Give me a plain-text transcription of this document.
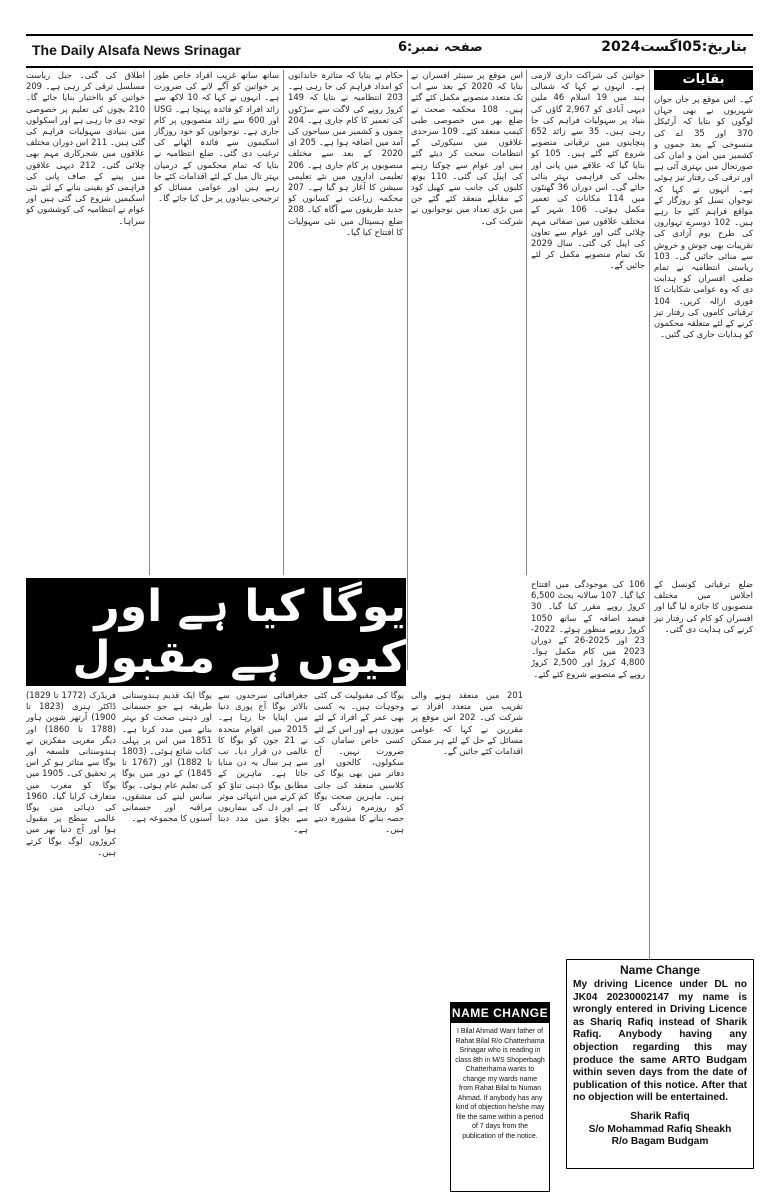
The Daily Alsafa News Srinagar	صفحہ نمبر:6	بتاریخ:05اگست2024
بقایات
کے۔ اس موقع پر جان جوان شہریوں نے بھی جہاں لوگوں کو بتایا کہ آرٹیکل 370 اور 35 اے کی منسوخی کے بعد جموں و کشمیر میں امن و امان کی صورتحال میں بہتری آئی ہے اور ترقی کی رفتار تیز ہوئی ہے۔ انہوں نے کہا کہ نوجوان نسل کو روزگار کے مواقع فراہم کئے جا رہے ہیں۔ 102 دوسرے تہواروں کی طرح یوم آزادی کی تقریبات بھی جوش و خروش سے منائی جائیں گی۔ 103 ریاستی انتظامیہ نے تمام ضلعی افسران کو ہدایت دی کہ وہ عوامی شکایات کا فوری ازالہ کریں۔ 104 ترقیاتی کاموں کی رفتار تیز کرنے کے لئے متعلقہ محکموں کو ہدایات جاری کی گئیں۔
خواتین کی شراکت داری لازمی ہے۔ انہوں نے کہا کہ شمالی ہند میں 19 اسلام 46 ملین دیہی آبادی کو 2,967 گاؤں کی بنیاد پر سہولیات فراہم کی جا رہی ہیں۔ 35 سے زائد 652 پنچایتوں میں ترقیاتی منصوبے شروع کئے گئے ہیں۔ 105 کو بتایا گیا کہ علاقے میں پانی اور بجلی کی فراہمی بہتر بنائی جائے گی۔ اس دوران 36 گھنٹوں میں 114 مکانات کی تعمیر مکمل ہوئی۔ 106 شہر کے مختلف علاقوں میں صفائی مہم چلائی گئی اور عوام سے تعاون کی اپیل کی گئی۔ سال 2029 تک تمام منصوبے مکمل کر لئے جائیں گے۔
اس موقع پر سینئر افسران نے بتایا کہ 2020 کے بعد سے اب تک متعدد منصوبے مکمل کئے گئے ہیں۔ 108 محکمہ صحت نے ضلع بھر میں خصوصی طبی کیمپ منعقد کئے۔ 109 سرحدی علاقوں میں سیکورٹی کے انتظامات سخت کر دیئے گئے ہیں اور عوام سے چوکنا رہنے کی اپیل کی گئی۔ 110 یوتھ کلبوں کی جانب سے کھیل کود کے مقابلے منعقد کئے گئے جن میں بڑی تعداد میں نوجوانوں نے شرکت کی۔
حکام نے بتایا کہ متاثرہ خاندانوں کو امداد فراہم کی جا رہی ہے۔ 203 انتظامیہ نے بتایا کہ 149 کروڑ روپے کی لاگت سے سڑکوں کی تعمیر کا کام جاری ہے۔ 204 جموں و کشمیر میں سیاحوں کی آمد میں اضافہ ہوا ہے۔ 205 ای 2020 کے بعد سے مختلف منصوبوں پر کام جاری ہے۔ 206 تعلیمی اداروں میں نئے تعلیمی سیشن کا آغاز ہو گیا ہے۔ 207 محکمہ زراعت نے کسانوں کو جدید طریقوں سے آگاہ کیا۔ 208 ضلع ہسپتال میں نئی سہولیات کا افتتاح کیا گیا۔
ساتھ ساتھ غریب افراد خاص طور پر خواتین کو آگے لانے کی ضرورت ہے۔ انہوں نے کہا کہ 10 لاکھ سے زائد افراد کو فائدہ پہنچا ہے۔ USG اور 600 سے زائد منصوبوں پر کام جاری ہے۔ نوجوانوں کو خود روزگار اسکیموں سے فائدہ اٹھانے کی ترغیب دی گئی۔ ضلع انتظامیہ نے بتایا کہ تمام محکموں کے درمیان بہتر تال میل کے لئے اقدامات کئے جا رہے ہیں اور عوامی مسائل کو ترجیحی بنیادوں پر حل کیا جائے گا۔
اطلاق کی گئی۔ جبل ریاست مسلسل ترقی کر رہی ہے۔ 209 خواتین کو بااختیار بنایا جائے گا۔ 210 بچوں کی تعلیم پر خصوصی توجہ دی جا رہی ہے اور اسکولوں میں بنیادی سہولیات فراہم کی گئی ہیں۔ 211 اس دوران مختلف علاقوں میں شجرکاری مہم بھی چلائی گئی۔ 212 دیہی علاقوں میں پینے کے صاف پانی کی فراہمی کو یقینی بنانے کے لئے نئی اسکیمیں شروع کی گئی ہیں اور عوام نے انتظامیہ کی کوششوں کو سراہا۔
یوگا کیا ہے اور کیوں ہے مقبول
فریڈرک (1772 تا 1829) ڈاکٹر ہنری (1823 تا 1900) آرتھر شوپن ہاور (1788 تا 1860) اور دیگر مغربی مفکرین نے ہندوستانی فلسفہ اور یوگا سے متاثر ہو کر اس پر تحقیق کی۔ 1905 میں یوگا کو مغرب میں متعارف کرایا گیا۔ 1960 کی دہائی میں یوگا عالمی سطح پر مقبول ہوا اور آج دنیا بھر میں کروڑوں لوگ یوگا کرتے ہیں۔
یوگا ایک قدیم ہندوستانی طریقہ ہے جو جسمانی اور ذہنی صحت کو بہتر بنانے میں مدد کرتا ہے۔ 1851 میں اس پر پہلی کتاب شائع ہوئی۔ (1803 تا 1882) اور (1767 تا 1845) کے دور میں یوگا کی تعلیم عام ہوئی۔ یوگا سانس لینے کی مشقوں، مراقبہ اور جسمانی آسنوں کا مجموعہ ہے۔
جغرافیائی سرحدوں سے بالاتر یوگا آج پوری دنیا میں اپنایا جا رہا ہے۔ 2015 میں اقوام متحدہ نے 21 جون کو یوگا کا عالمی دن قرار دیا۔ تب سے ہر سال یہ دن منایا جاتا ہے۔ ماہرین کے مطابق یوگا ذہنی تناؤ کو کم کرنے میں انتہائی موثر ہے اور دل کی بیماریوں سے بچاؤ میں مدد دیتا ہے۔
یوگا کی مقبولیت کی کئی وجوہات ہیں۔ یہ کسی بھی عمر کے افراد کے لئے موزوں ہے اور اس کے لئے کسی خاص سامان کی ضرورت نہیں۔ آج سکولوں، کالجوں اور دفاتر میں بھی یوگا کی کلاسیں منعقد کی جاتی ہیں۔ ماہرین صحت یوگا کو روزمرہ زندگی کا حصہ بنانے کا مشورہ دیتے ہیں۔
201 میں منعقد ہونے والی تقریب میں متعدد افراد نے شرکت کی۔ 202 اس موقع پر مقررین نے کہا کہ عوامی مسائل کے حل کے لئے ہر ممکن اقدامات کئے جائیں گے۔
106 کی موجودگی میں افتتاح کیا گیا۔ 107 سالانہ بجٹ 6,500 کروڑ روپے مقرر کیا گیا۔ 30 فیصد اضافہ کے ساتھ 1050 کروڑ روپے منظور ہوئے۔ 2022-23 اور 2025-26 کے دوران 2023 میں کام مکمل ہوا۔ 4,800 کروڑ اور 2,500 کروڑ روپے کے منصوبے شروع کئے گئے۔
ضلع ترقیاتی کونسل کے اجلاس میں مختلف منصوبوں کا جائزہ لیا گیا اور افسران کو کام کی رفتار تیز کرنے کی ہدایت دی گئی۔
NAME CHANGE
I Bilal Ahmad Wani father of Rahat Bilal R/o Chatterhama Srinagar who is reading in class 8th in M/S Shoperbagh Chatterhama wants to change my wards name from Rahat Bilal to Numan Ahmad. If anybody has any kind of objection he/she may file the same within a period of 7 days from the publication of the notice.
Name Change
My driving Licence under DL no JK04 20230002147 my name is wrongly entered in Driving Licence as Shariq Rafiq instead of Sharik Rafiq. Anybody having any objection regarding this may produce the same ARTO Budgam within seven days from the date of publication of this notice. After that no objection will be entertained.
Sharik Rafiq
S/o Mohammad Rafiq Sheakh
R/o Bagam Budgam
